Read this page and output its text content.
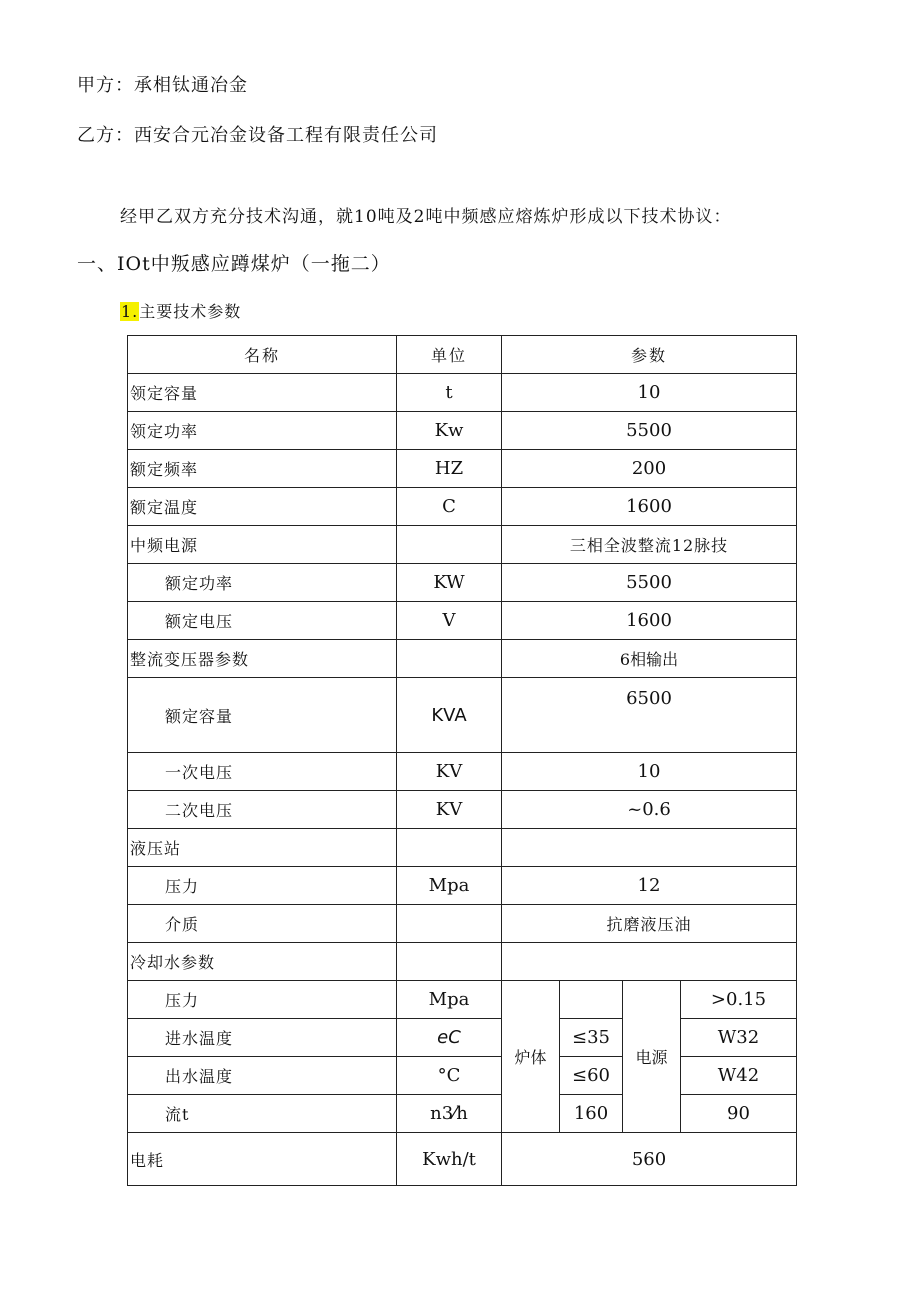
甲方：承相钛通冶金
乙方：西安合元冶金设备工程有限责任公司
经甲乙双方充分技术沟通，就10吨及2吨中频感应熔炼炉形成以下技术协议：
一、IOt中叛感应蹲煤炉（一拖二）
1.主要技术参数
名称	单位	参数			
领定容量	t	10			
领定功率	Kw	5500			
额定频率	HZ	200			
额定温度	C	1600			
中频电源		三相全波整流12脉技			
额定功率	KW	5500			
额定电压	V	1600			
整流变压器参数		6相输出			
额定容量	KVA	6500			
一次电压	KV	10			
二次电压	KV	~0.6			
液压站					
压力	Mpa	12			
介质		抗磨液压油			
冷却水参数					
压力	Mpa	炉体		电源	>0.15
进水温度	eC		≤35		W32
出水温度	°C		≤60		W42
流t	n3⁄h		160		90
电耗	Kwh/t	560			
